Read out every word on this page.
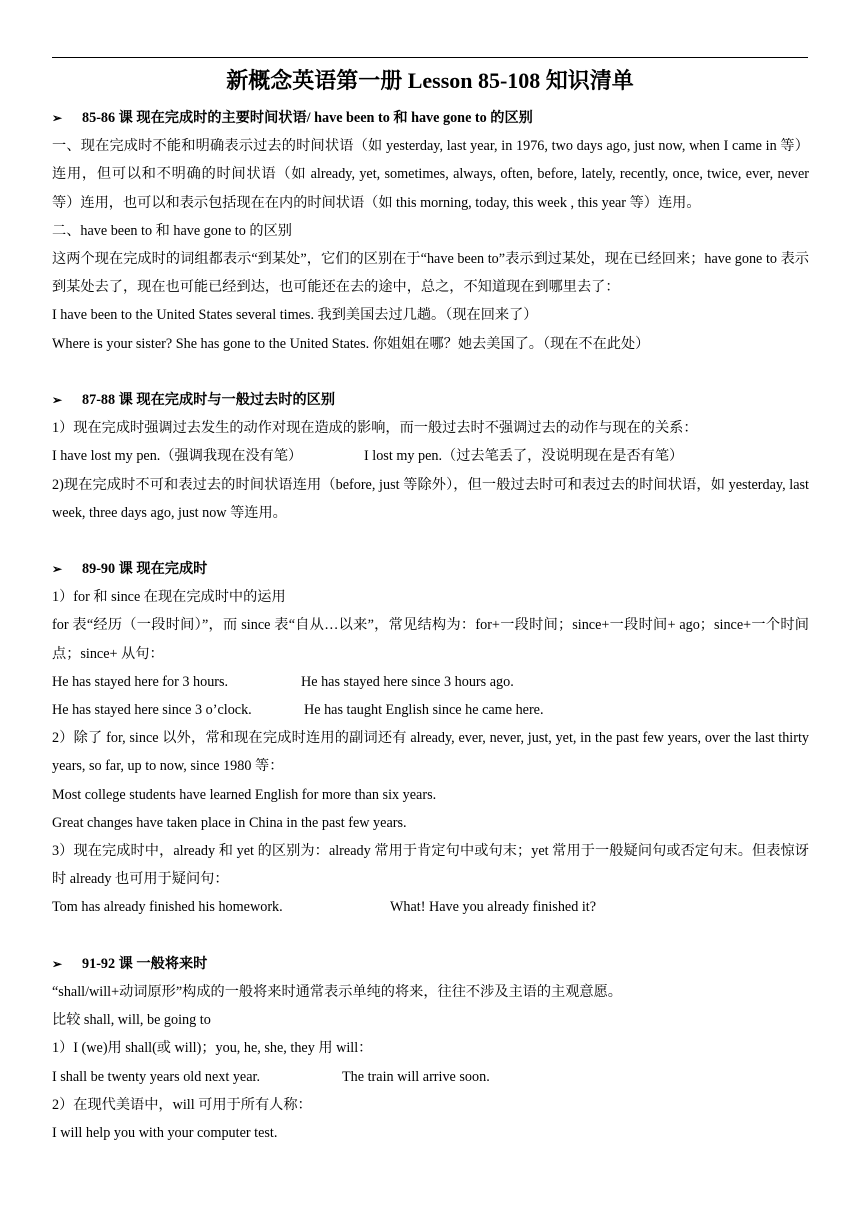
新概念英语第一册 Lesson 85-108 知识清单
➢ 85-86 课 现在完成时的主要时间状语/ have been to 和 have gone to 的区别
一、现在完成时不能和明确表示过去的时间状语（如 yesterday, last year, in 1976, two days ago, just now, when I came in 等）连用，但可以和不明确的时间状语（如 already, yet, sometimes, always, often, before, lately, recently, once, twice, ever, never 等）连用，也可以和表示包括现在在内的时间状语（如 this morning, today, this week , this year 等）连用。
二、have been to 和 have gone to 的区别
这两个现在完成时的词组都表示“到某处”，它们的区别在于“have been to”表示到过某处，现在已经回来；have gone to 表示到某处去了，现在也可能已经到达，也可能还在去的途中，总之，不知道现在到哪里去了：
I have been to the United States several times. 我到美国去过几趟。（现在回来了）
Where is your sister? She has gone to the United States. 你姐姐在哪？她去美国了。（现在不在此处）
➢ 87-88 课 现在完成时与一般过去时的区别
1）现在完成时强调过去发生的动作对现在造成的影响，而一般过去时不强调过去的动作与现在的关系：
I have lost my pen.（强调我现在没有笔）	I lost my pen.（过去笔丢了，没说明现在是否有笔）
2)现在完成时不可和表过去的时间状语连用（before, just 等除外），但一般过去时可和表过去的时间状语，如 yesterday, last week, three days ago, just now 等连用。
➢ 89-90 课 现在完成时
1）for 和 since 在现在完成时中的运用
for 表“经历（一段时间）”，而 since 表“自从…以来”，常见结构为：for+一段时间；since+一段时间+ ago；since+一个时间点；since+ 从句：
He has stayed here for 3 hours.	He has stayed here since 3 hours ago.
He has stayed here since 3 o’clock.	He has taught English since he came here.
2）除了 for, since 以外，常和现在完成时连用的副词还有 already, ever, never, just, yet, in the past few years, over the last thirty years, so far, up to now, since 1980 等：
Most college students have learned English for more than six years.
Great changes have taken place in China in the past few years.
3）现在完成时中，already 和 yet 的区别为：already 常用于肯定句中或句末；yet 常用于一般疑问句或否定句末。但表惊讶时 already 也可用于疑问句：
Tom has already finished his homework.	What! Have you already finished it?
➢ 91-92 课 一般将来时
“shall/will+动词原形”构成的一般将来时通常表示单纯的将来，往往不涉及主语的主观意愿。
比较 shall, will, be going to
1）I (we)用 shall(或 will)；you, he, she, they 用 will：
I shall be twenty years old next year.	The train will arrive soon.
2）在现代美语中，will 可用于所有人称：
I will help you with your computer test.
